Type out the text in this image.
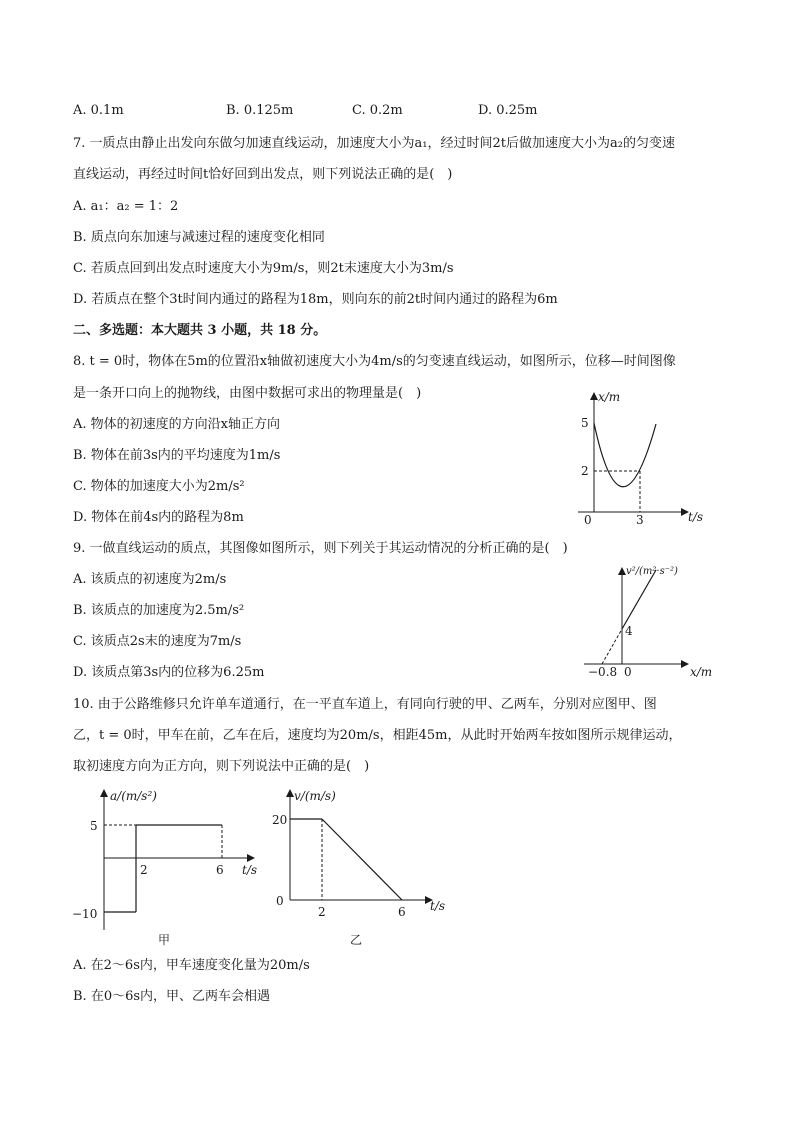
A. 0.1m	B. 0.125m	C. 0.2m	D. 0.25m
7. 一质点由静止出发向东做匀加速直线运动，加速度大小为a₁，经过时间2t后做加速度大小为a₂的匀变速
直线运动，再经过时间t恰好回到出发点，则下列说法正确的是(　)
A. a₁：a₂ = 1：2
B. 质点向东加速与减速过程的速度变化相同
C. 若质点回到出发点时速度大小为9m/s，则2t末速度大小为3m/s
D. 若质点在整个3t时间内通过的路程为18m，则向东的前2t时间内通过的路程为6m
二、多选题：本大题共 3 小题，共 18 分。
8. t = 0时，物体在5m的位置沿x轴做初速度大小为4m/s的匀变速直线运动，如图所示，位移—时间图像
是一条开口向上的抛物线，由图中数据可求出的物理量是(　)
A. 物体的初速度的方向沿x轴正方向
B. 物体在前3s内的平均速度为1m/s
C. 物体的加速度大小为2m/s²
D. 物体在前4s内的路程为8m
x/m
t/s
5
2
0	3
9. 一做直线运动的质点，其图像如图所示，则下列关于其运动情况的分析正确的是(　)
A. 该质点的初速度为2m/s
B. 该质点的加速度为2.5m/s²
C. 该质点2s末的速度为7m/s
D. 该质点第3s内的位移为6.25m
v²/(m²·s⁻²)
x/m
4
−0.8 0
10. 由于公路维修只允许单车道通行，在一平直车道上，有同向行驶的甲、乙两车，分别对应图甲、图
乙，t = 0时，甲车在前，乙车在后，速度均为20m/s，相距45m，从此时开始两车按如图所示规律运动，
取初速度方向为正方向，则下列说法中正确的是(　)
a/(m/s²)
t/s
5
−10
2	6
甲
v/(m/s)
t/s
20
0
2	6
乙
A. 在2～6s内，甲车速度变化量为20m/s
B. 在0～6s内，甲、乙两车会相遇
